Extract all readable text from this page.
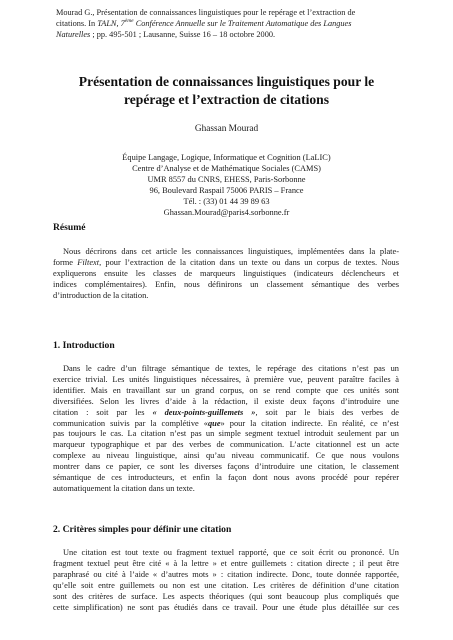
Mourad G., Présentation de connaissances linguistiques pour le repérage et l’extraction de
citations. In TALN, 7ème Conférence Annuelle sur le Traitement Automatique des Langues
Naturelles ; pp. 495-501 ; Lausanne, Suisse 16 – 18 octobre 2000.
Présentation de connaissances linguistiques pour le
repérage et l’extraction de citations
Ghassan Mourad
Équipe Langage, Logique, Informatique et Cognition (LaLIC)
Centre d’Analyse et de Mathématique Sociales (CAMS)
UMR 8557 du CNRS, EHESS, Paris-Sorbonne
96, Boulevard Raspail 75006 PARIS – France
Tél. : (33) 01 44 39 89 63
Ghassan.Mourad@paris4.sorbonne.fr
Résumé
Nous décrirons dans cet article les connaissances linguistiques, implémentées dans la plate-
forme Filtext, pour l’extraction de la citation dans un texte ou dans un corpus de textes. Nous
expliquerons ensuite les classes de marqueurs linguistiques (indicateurs déclencheurs et
indices complémentaires). Enfin, nous définirons un classement sémantique des verbes
d’introduction de la citation.
1. Introduction
Dans le cadre d’un filtrage sémantique de textes, le repérage des citations n’est pas un
exercice trivial. Les unités linguistiques nécessaires, à première vue, peuvent paraître faciles à
identifier. Mais en travaillant sur un grand corpus, on se rend compte que ces unités sont
diversifiées. Selon les livres d’aide à la rédaction, il existe deux façons d’introduire une
citation : soit par les « deux-points-guillemets », soit par le biais des verbes de
communication suivis par la complétive «que» pour la citation indirecte. En réalité, ce n’est
pas toujours le cas. La citation n’est pas un simple segment textuel introduit seulement par un
marqueur typographique et par des verbes de communication. L’acte citationnel est un acte
complexe au niveau linguistique, ainsi qu’au niveau communicatif. Ce que nous voulons
montrer dans ce papier, ce sont les diverses façons d’introduire une citation, le classement
sémantique de ces introducteurs, et enfin la façon dont nous avons procédé pour repérer
automatiquement la citation dans un texte.
2. Critères simples pour définir une citation
Une citation est tout texte ou fragment textuel rapporté, que ce soit écrit ou prononcé. Un
fragment textuel peut être cité « à la lettre » et entre guillemets : citation directe ; il peut être
paraphrasé ou cité à l’aide « d’autres mots » : citation indirecte. Donc, toute donnée rapportée,
qu’elle soit entre guillemets ou non est une citation. Les critères de définition d’une citation
sont des critères de surface. Les aspects théoriques (qui sont beaucoup plus compliqués que
cette simplification) ne sont pas étudiés dans ce travail. Pour une étude plus détaillée sur ces
